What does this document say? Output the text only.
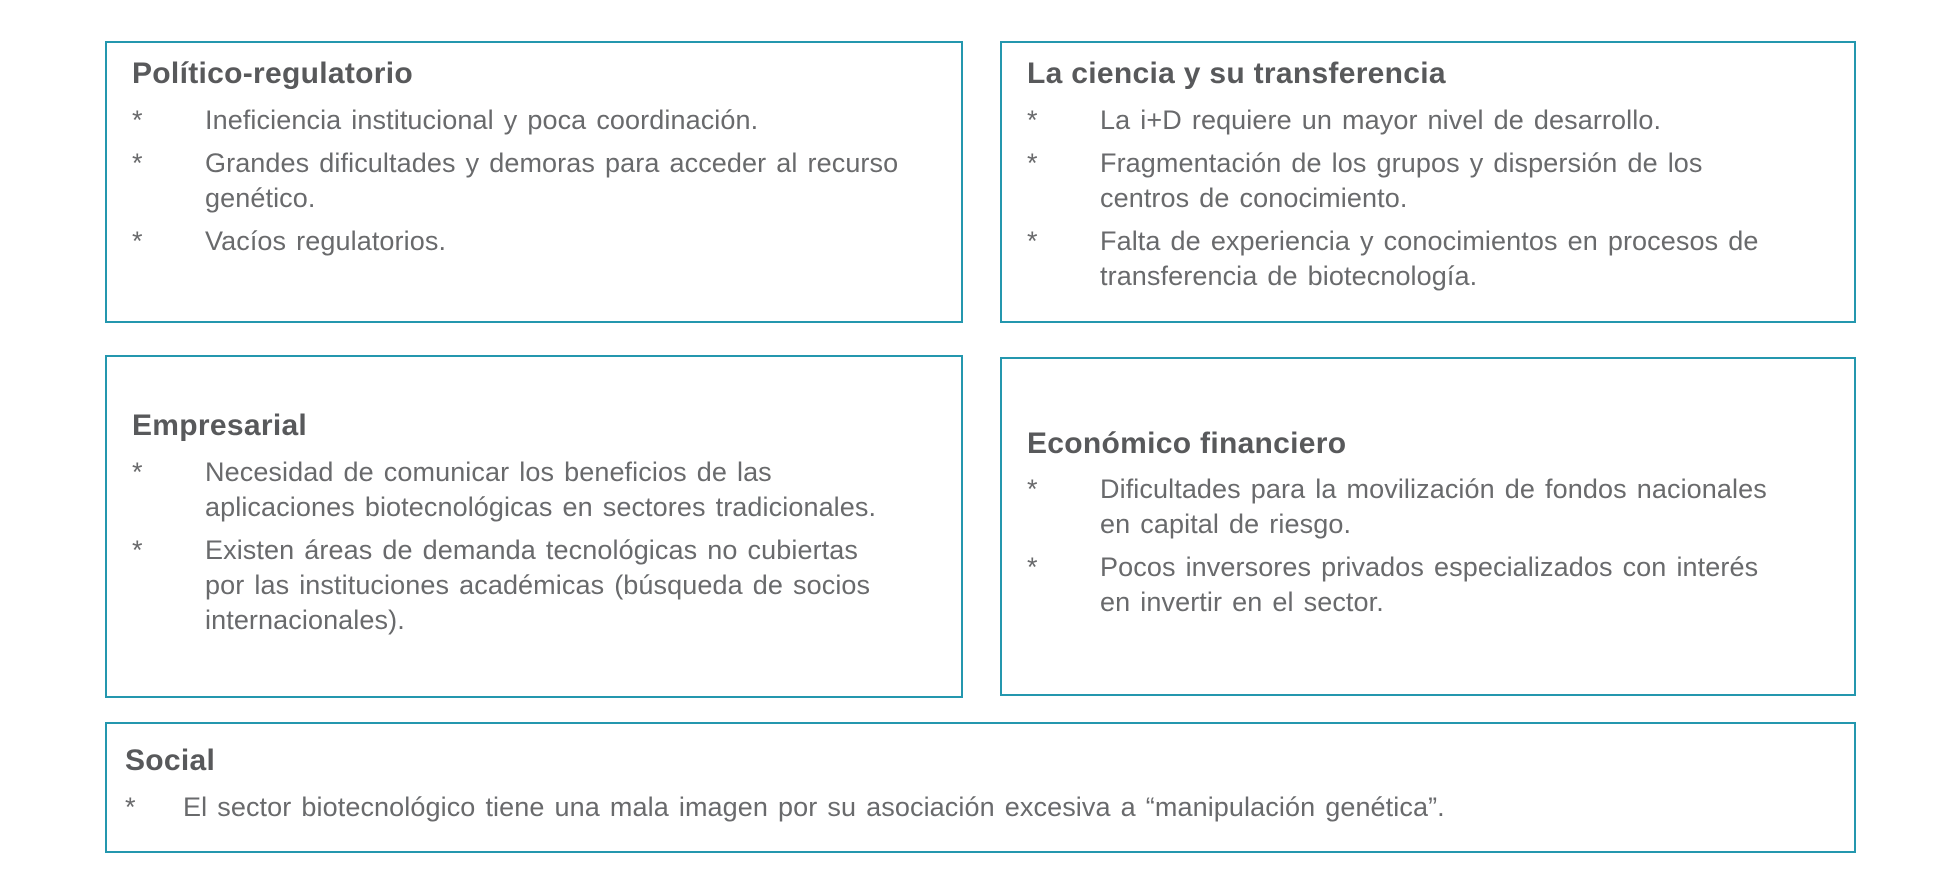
Político-regulatorio
*	Ineficiencia institucional y poca coordinación.
*	Grandes dificultades y demoras para acceder al recurso genético.
*	Vacíos regulatorios.
La ciencia y su transferencia
*	La i+D requiere un mayor nivel de desarrollo.
*	Fragmentación de los grupos y dispersión de los centros de conocimiento.
*	Falta de experiencia y conocimientos en procesos de transferencia de biotecnología.
Empresarial
*	Necesidad de comunicar los beneficios de las aplicaciones biotecnológicas en sectores tradicionales.
*	Existen áreas de demanda tecnológicas no cubiertas por las instituciones académicas (búsqueda de socios internacionales).
Económico financiero
*	Dificultades para la movilización de fondos nacionales en capital de riesgo.
*	Pocos inversores privados especializados con interés en invertir en el sector.
Social
*	El sector biotecnológico tiene una mala imagen por su asociación excesiva a “manipulación genética”.
